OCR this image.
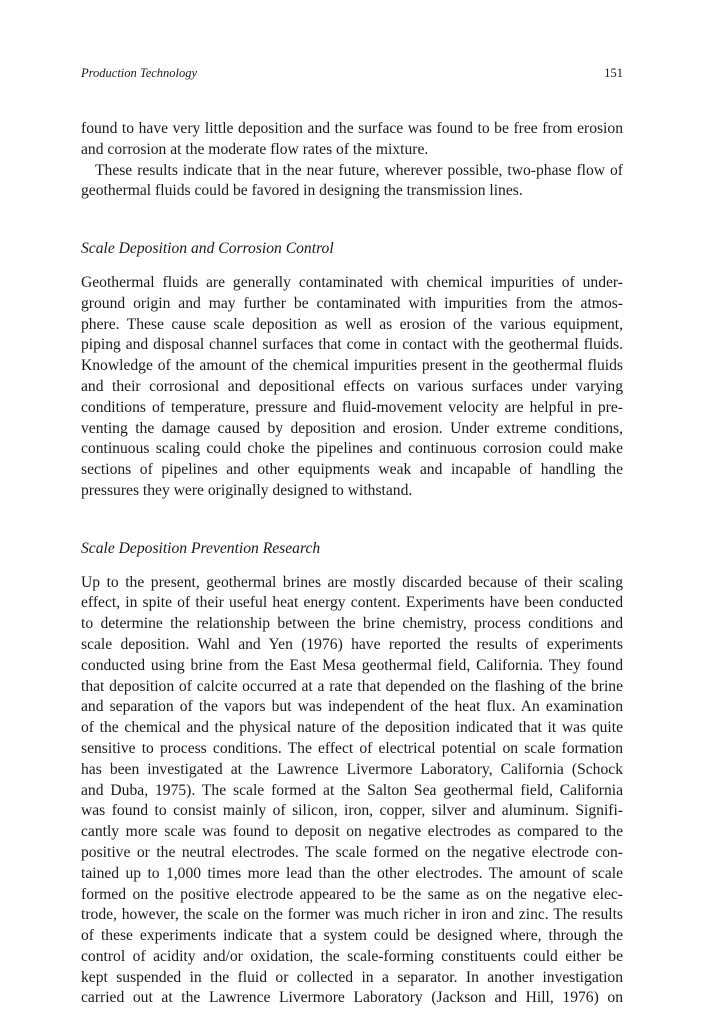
Production Technology	151
found to have very little deposition and the surface was found to be free from erosion
and corrosion at the moderate flow rates of the mixture.
These results indicate that in the near future, wherever possible, two-phase flow of
geothermal fluids could be favored in designing the transmission lines.
Scale Deposition and Corrosion Control
Geothermal fluids are generally contaminated with chemical impurities of under-
ground origin and may further be contaminated with impurities from the atmos-
phere. These cause scale deposition as well as erosion of the various equipment,
piping and disposal channel surfaces that come in contact with the geothermal fluids.
Knowledge of the amount of the chemical impurities present in the geothermal fluids
and their corrosional and depositional effects on various surfaces under varying
conditions of temperature, pressure and fluid-movement velocity are helpful in pre-
venting the damage caused by deposition and erosion. Under extreme conditions,
continuous scaling could choke the pipelines and continuous corrosion could make
sections of pipelines and other equipments weak and incapable of handling the
pressures they were originally designed to withstand.
Scale Deposition Prevention Research
Up to the present, geothermal brines are mostly discarded because of their scaling
effect, in spite of their useful heat energy content. Experiments have been conducted
to determine the relationship between the brine chemistry, process conditions and
scale deposition. Wahl and Yen (1976) have reported the results of experiments
conducted using brine from the East Mesa geothermal field, California. They found
that deposition of calcite occurred at a rate that depended on the flashing of the brine
and separation of the vapors but was independent of the heat flux. An examination
of the chemical and the physical nature of the deposition indicated that it was quite
sensitive to process conditions. The effect of electrical potential on scale formation
has been investigated at the Lawrence Livermore Laboratory, California (Schock
and Duba, 1975). The scale formed at the Salton Sea geothermal field, California
was found to consist mainly of silicon, iron, copper, silver and aluminum. Signifi-
cantly more scale was found to deposit on negative electrodes as compared to the
positive or the neutral electrodes. The scale formed on the negative electrode con-
tained up to 1,000 times more lead than the other electrodes. The amount of scale
formed on the positive electrode appeared to be the same as on the negative elec-
trode, however, the scale on the former was much richer in iron and zinc. The results
of these experiments indicate that a system could be designed where, through the
control of acidity and/or oxidation, the scale-forming constituents could either be
kept suspended in the fluid or collected in a separator. In another investigation
carried out at the Lawrence Livermore Laboratory (Jackson and Hill, 1976) on
